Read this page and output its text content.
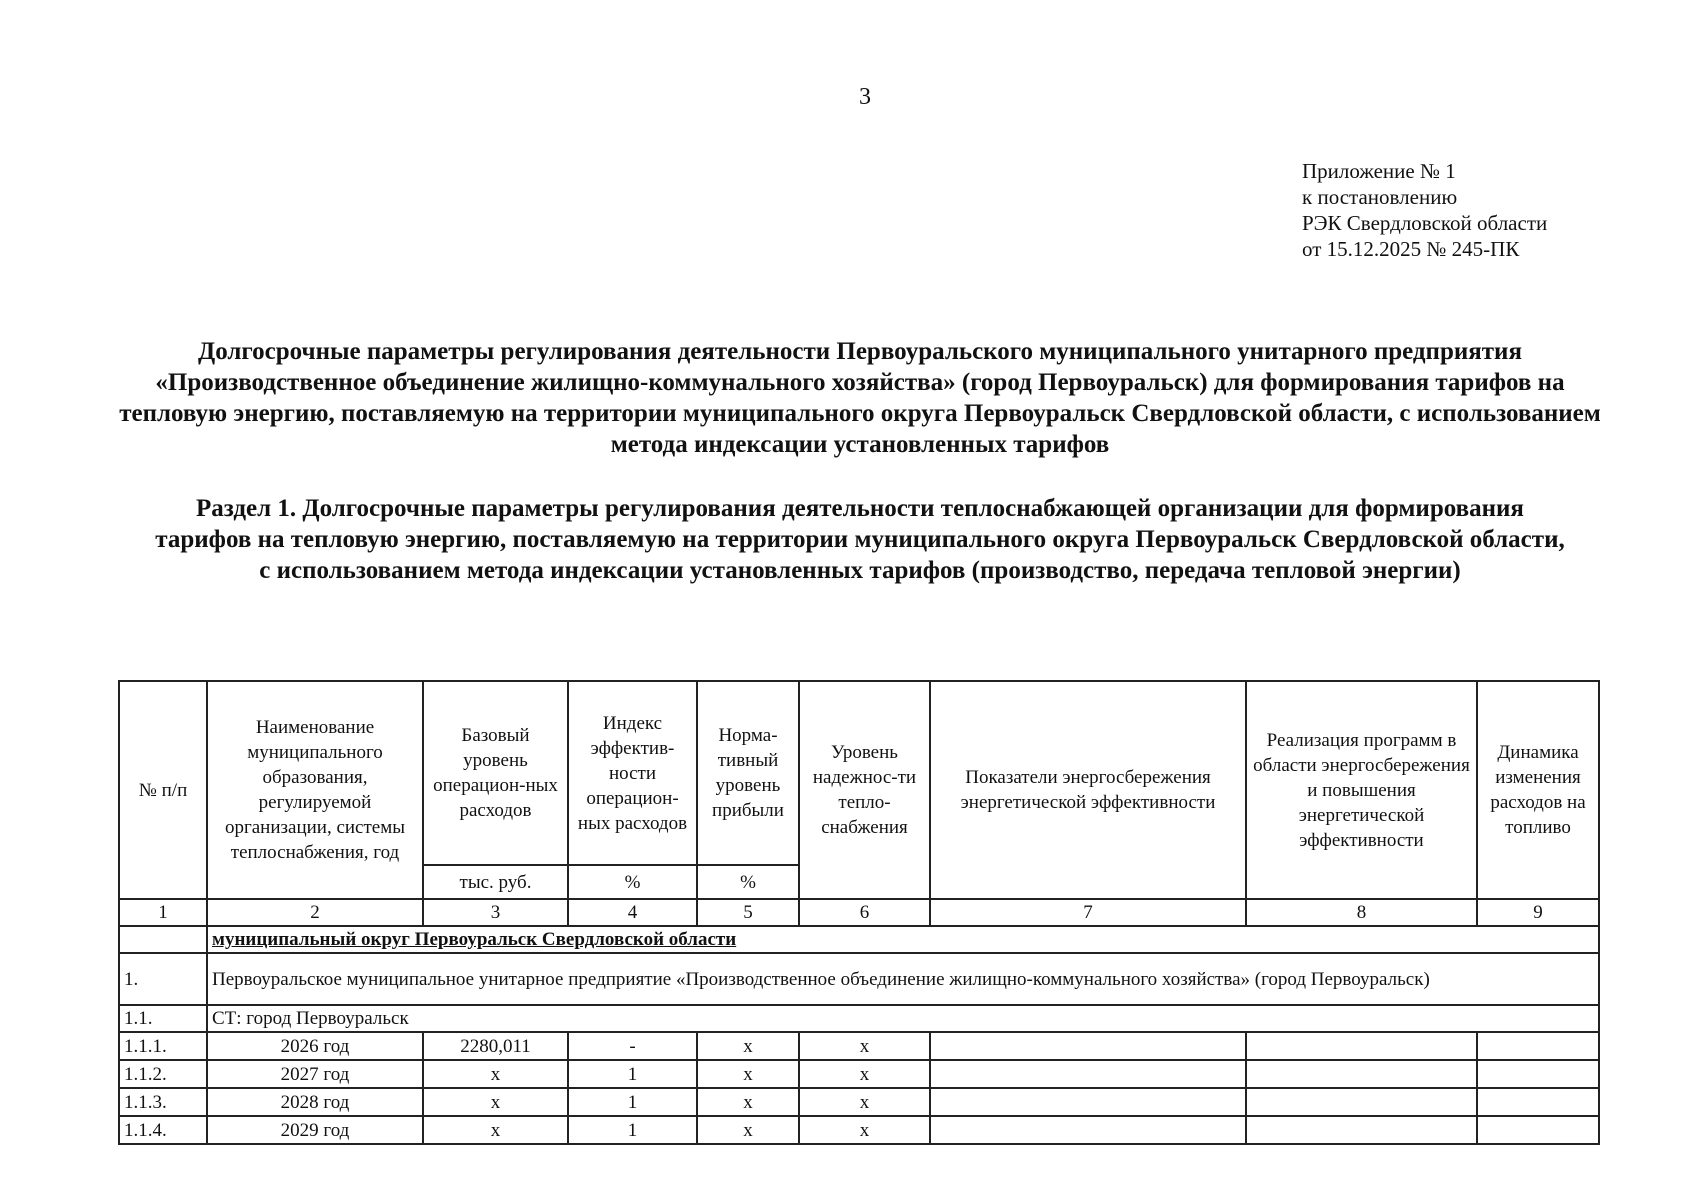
3
Приложение № 1
к постановлению
РЭК Свердловской области
от 15.12.2025 № 245-ПК
Долгосрочные параметры регулирования деятельности Первоуральского муниципального унитарного предприятия «Производственное объединение жилищно-коммунального хозяйства» (город Первоуральск) для формирования тарифов на тепловую энергию, поставляемую на территории муниципального округа Первоуральск Свердловской области, с использованием метода индексации установленных тарифов
Раздел 1. Долгосрочные параметры регулирования деятельности теплоснабжающей организации для формирования тарифов на тепловую энергию, поставляемую на территории муниципального округа Первоуральск Свердловской области, с использованием метода индексации установленных тарифов (производство, передача тепловой энергии)
№ п/п	Наименование муниципального образования, регулируемой организации, системы теплоснабжения, год	Базовый уровень операцион-ных расходов	Индекс эффектив-ности операцион-ных расходов	Норма-тивный уровень прибыли	Уровень надежнос-ти тепло-снабжения	Показатели энергосбережения энергетической эффективности	Реализация программ в области энергосбережения и повышения энергетической эффективности	Динамика изменения расходов на топливо
		тыс. руб.	%	%				
1	2	3	4	5	6	7	8	9
	муниципальный округ Первоуральск Свердловской области							
1.	Первоуральское муниципальное унитарное предприятие «Производственное объединение жилищно-коммунального хозяйства» (город Первоуральск)							
1.1.	СТ: город Первоуральск							
1.1.1.	2026 год	2280,011	-	х	х			
1.1.2.	2027 год	х	1	х	х			
1.1.3.	2028 год	х	1	х	х			
1.1.4.	2029 год	х	1	х	х			
